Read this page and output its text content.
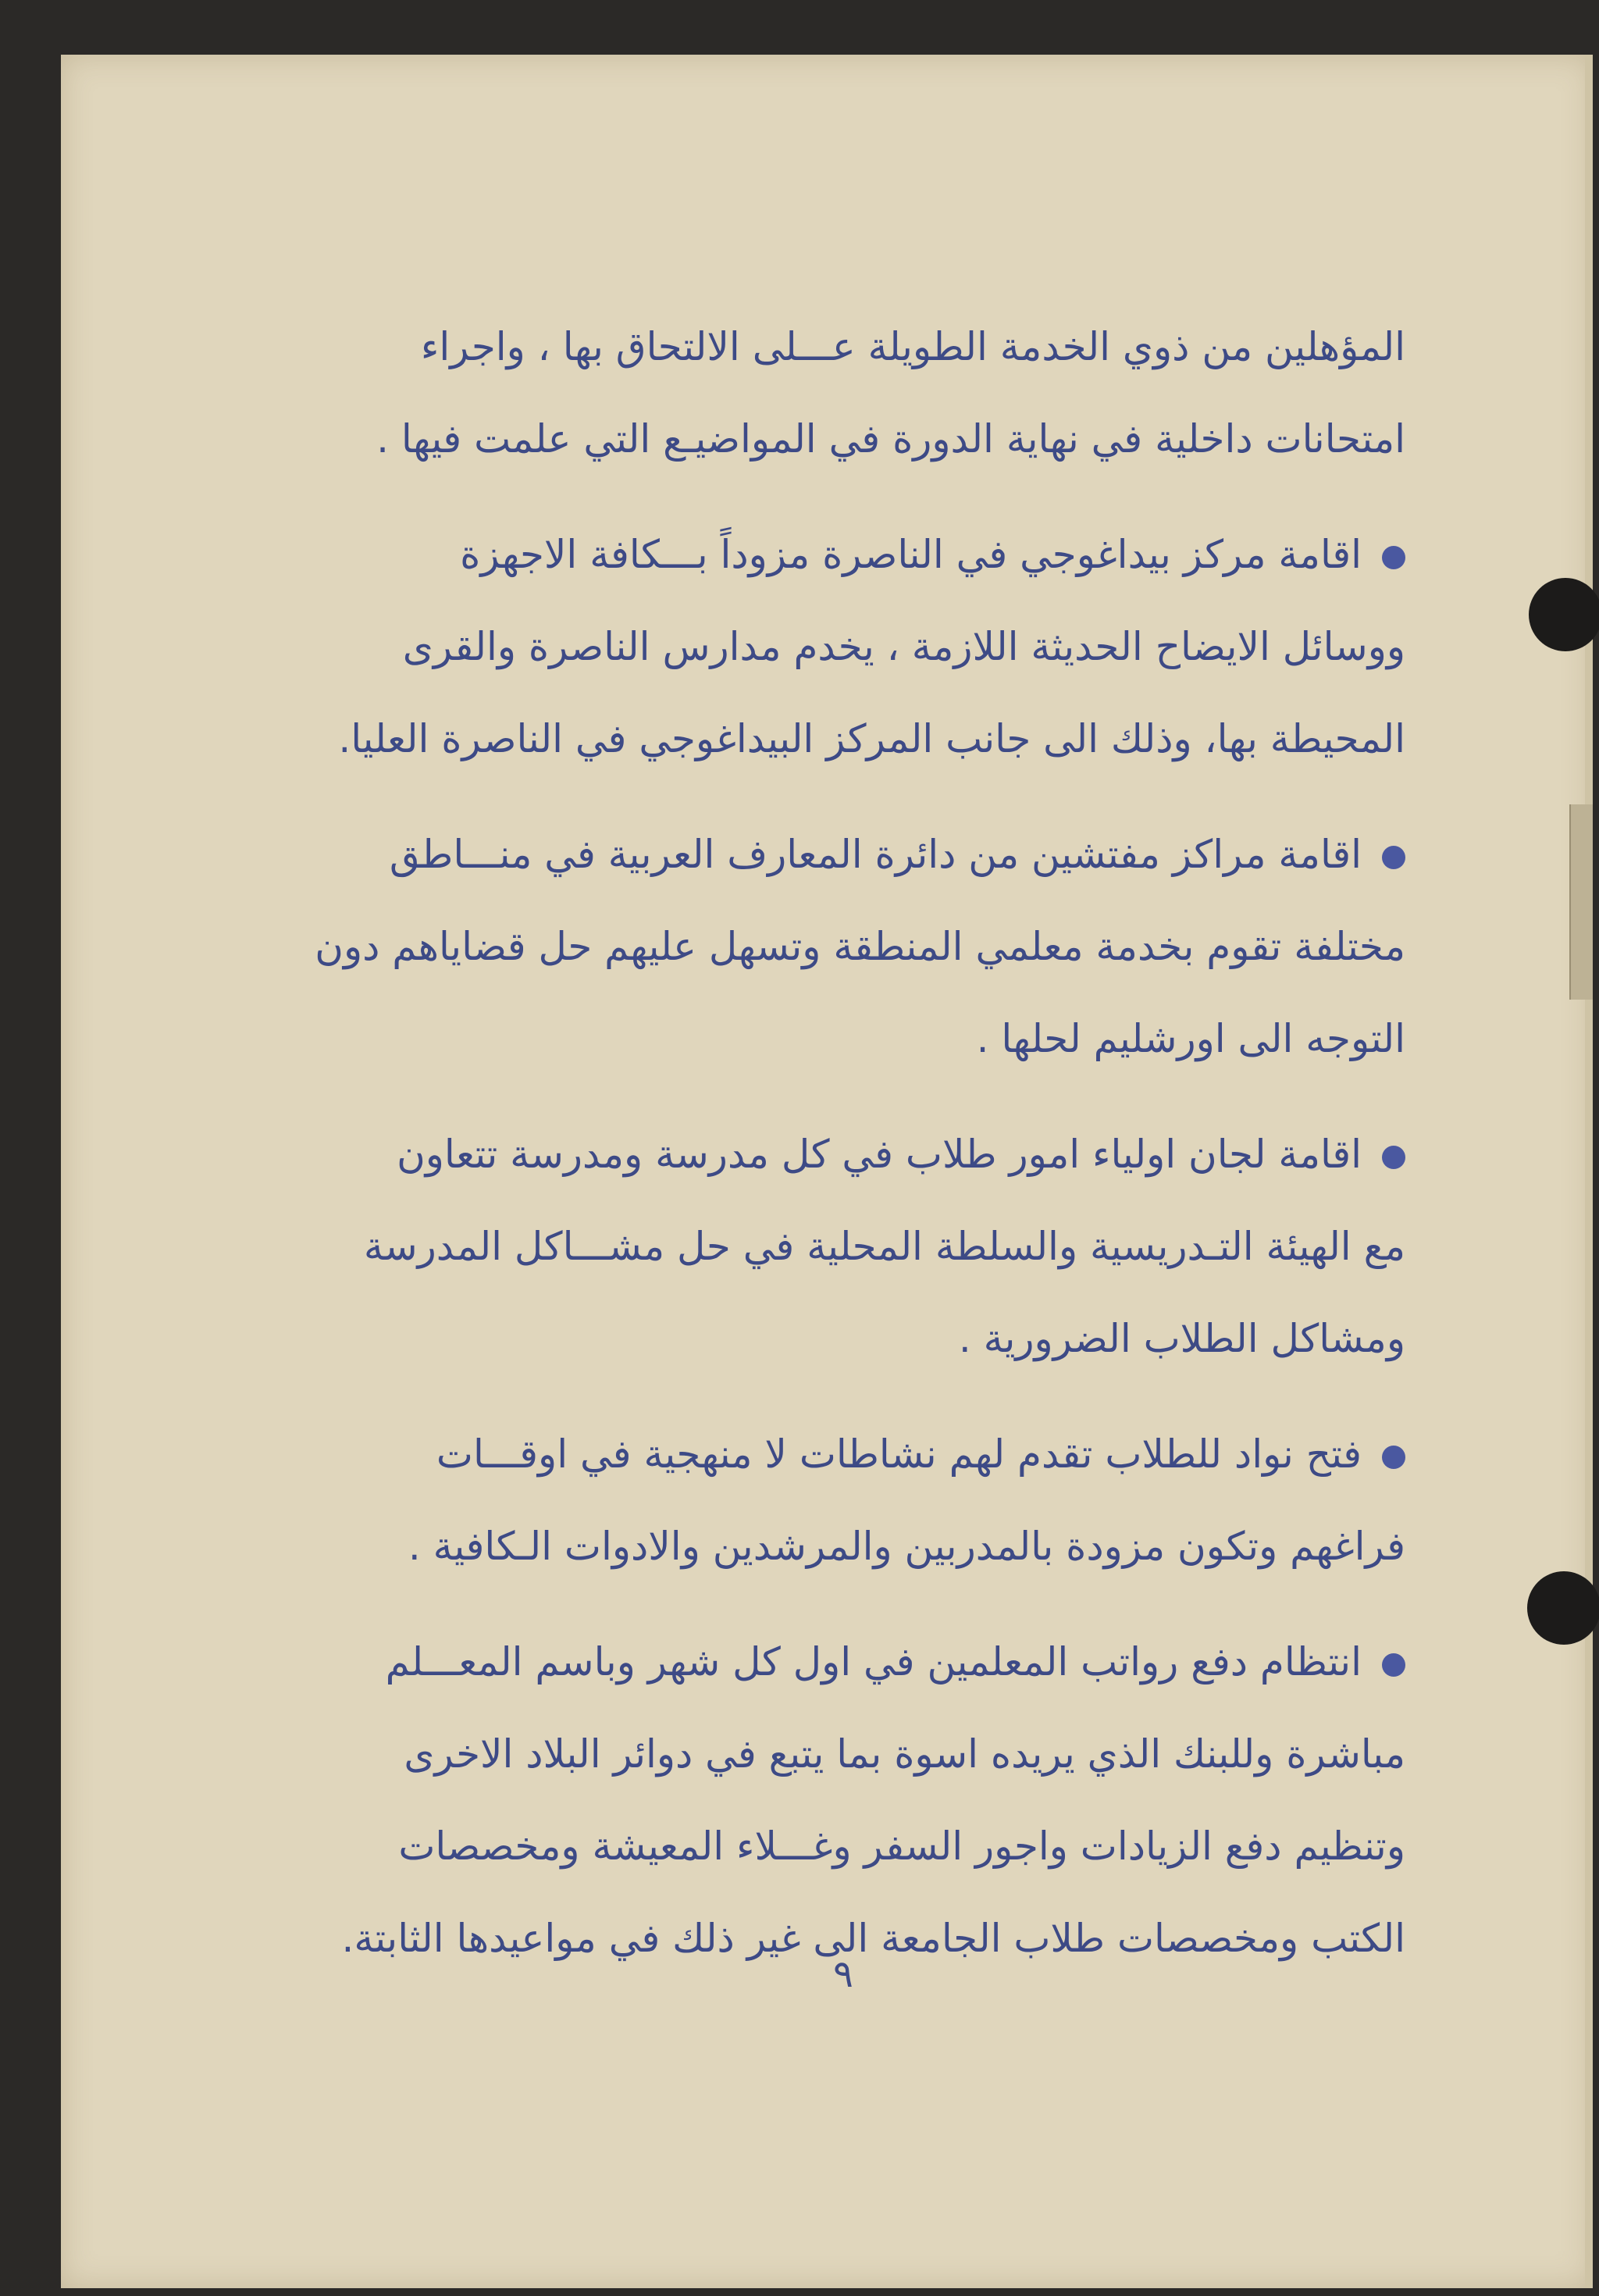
المؤهلين من ذوي الخدمة الطويلة عـــلى الالتحاق بها ، واجراء

امتحانات داخلية في نهاية الدورة في المواضيـع التي علمت فيها .

اقامة مركز بيداغوجي في الناصرة مزوداً بـــكافة الاجهزة

ووسائل الايضاح الحديثة اللازمة ، يخدم مدارس الناصرة والقرى

المحيطة بها، وذلك الى جانب المركز البيداغوجي في الناصرة العليا.

اقامة مراكز مفتشين من دائرة المعارف العربية في منـــاطق

مختلفة تقوم بخدمة معلمي المنطقة وتسهل عليهم حل قضاياهم دون

التوجه الى اورشليم لحلها .

اقامة لجان اولياء امور طلاب في كل مدرسة ومدرسة تتعاون

مع الهيئة التـدريسية والسلطة المحلية في حل مشـــاكل المدرسة

ومشاكل الطلاب الضرورية .

فتح نواد للطلاب تقدم لهم نشاطات لا منهجية في اوقـــات

فراغهم وتكون مزودة بالمدربين والمرشدين والادوات الـكافية .

انتظام دفع رواتب المعلمين في اول كل شهر وباسم المعـــلم

مباشرة وللبنك الذي يريده اسوة بما يتبع في دوائر البلاد الاخرى

وتنظيم دفع الزيادات واجور السفر وغـــلاء المعيشة ومخصصات

الكتب ومخصصات طلاب الجامعة الى غير ذلك في مواعيدها الثابتة.

٩
